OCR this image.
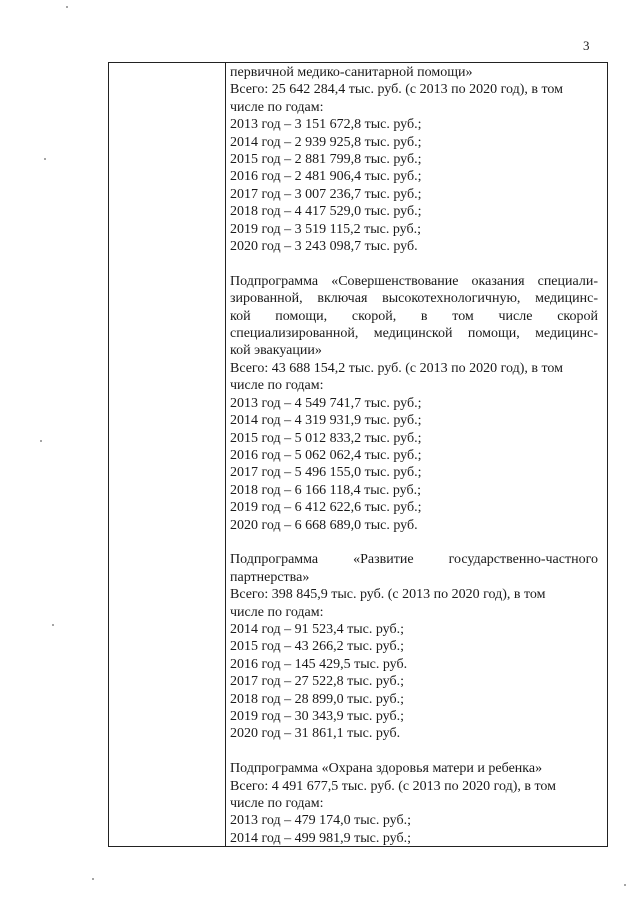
3
первичной медико-санитарной помощи»
Всего: 25 642 284,4 тыс. руб. (с 2013 по 2020 год), в том
числе по годам:
2013 год – 3 151 672,8 тыс. руб.;
2014 год – 2 939 925,8 тыс. руб.;
2015 год – 2 881 799,8 тыс. руб.;
2016 год – 2 481 906,4 тыс. руб.;
2017 год – 3 007 236,7 тыс. руб.;
2018 год – 4 417 529,0 тыс. руб.;
2019 год – 3 519 115,2 тыс. руб.;
2020 год – 3 243 098,7 тыс. руб.
Подпрограмма «Совершенствование оказания специали-
зированной, включая высокотехнологичную, медицинс-
кой помощи, скорой, в том числе скорой
специализированной, медицинской помощи, медицинс-
кой эвакуации»
Всего: 43 688 154,2 тыс. руб. (с 2013 по 2020 год), в том
числе по годам:
2013 год – 4 549 741,7 тыс. руб.;
2014 год – 4 319 931,9 тыс. руб.;
2015 год – 5 012 833,2 тыс. руб.;
2016 год – 5 062 062,4 тыс. руб.;
2017 год – 5 496 155,0 тыс. руб.;
2018 год – 6 166 118,4 тыс. руб.;
2019 год – 6 412 622,6 тыс. руб.;
2020 год – 6 668 689,0 тыс. руб.
Подпрограмма «Развитие государственно-частного
партнерства»
Всего: 398 845,9 тыс. руб. (с 2013 по 2020 год), в том
числе по годам:
2014 год – 91 523,4 тыс. руб.;
2015 год – 43 266,2 тыс. руб.;
2016 год – 145 429,5 тыс. руб.
2017 год – 27 522,8 тыс. руб.;
2018 год – 28 899,0 тыс. руб.;
2019 год – 30 343,9 тыс. руб.;
2020 год – 31 861,1 тыс. руб.
Подпрограмма «Охрана здоровья матери и ребенка»
Всего: 4 491 677,5 тыс. руб. (с 2013 по 2020 год), в том
числе по годам:
2013 год – 479 174,0 тыс. руб.;
2014 год – 499 981,9 тыс. руб.;
